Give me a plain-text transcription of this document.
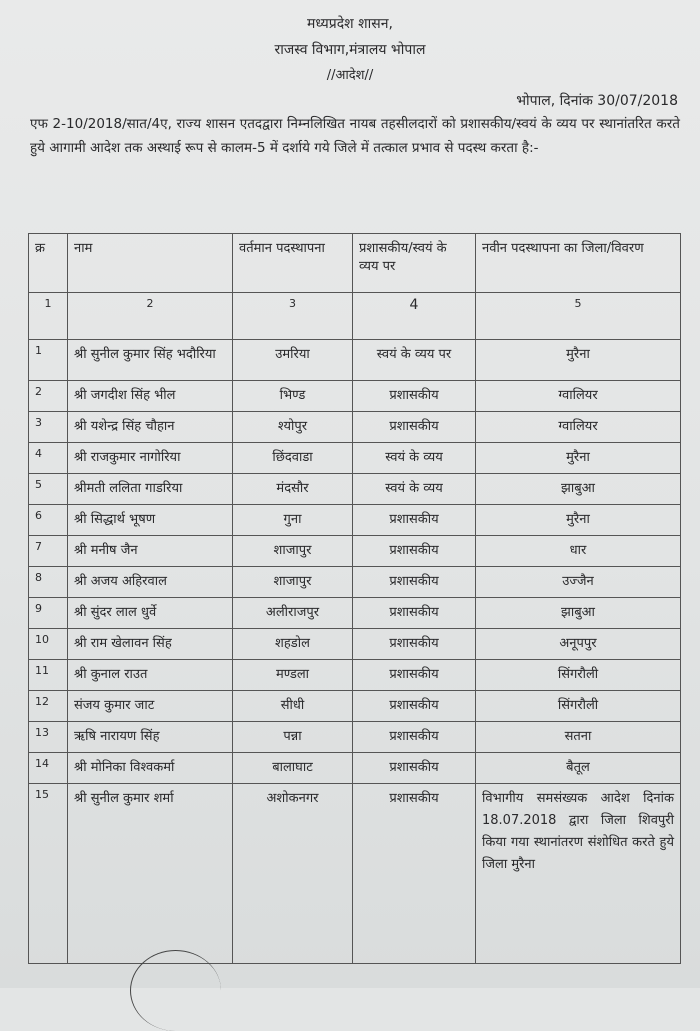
मध्यप्रदेश शासन,
राजस्व विभाग,मंत्रालय भोपाल
//आदेश//
भोपाल, दिनांक 30/07/2018
एफ 2-10/2018/सात/4ए, राज्य शासन एतदद्वारा निम्नलिखित नायब तहसीलदारों को प्रशासकीय/स्वयं के व्यय पर स्थानांतरित करते हुये आगामी आदेश तक अस्थाई रूप से कालम-5 में दर्शाये गये जिले में तत्काल प्रभाव से पदस्थ करता है:-
क्र	नाम	वर्तमान पदस्थापना	प्रशासकीय/स्वयं के व्यय पर	नवीन पदस्थापना का जिला/विवरण
1	2	3	4	5
1	श्री सुनील कुमार सिंह भदौरिया	उमरिया	स्वयं के व्यय पर	मुरैना
2	श्री जगदीश सिंह भील	भिण्ड	प्रशासकीय	ग्वालियर
3	श्री यशेन्द्र सिंह चौहान	श्योपुर	प्रशासकीय	ग्वालियर
4	श्री राजकुमार नागोरिया	छिंदवाडा	स्वयं के व्यय	मुरैना
5	श्रीमती ललिता गाडरिया	मंदसौर	स्वयं के व्यय	झाबुआ
6	श्री सिद्धार्थ भूषण	गुना	प्रशासकीय	मुरैना
7	श्री मनीष जैन	शाजापुर	प्रशासकीय	धार
8	श्री अजय अहिरवाल	शाजापुर	प्रशासकीय	उज्जैन
9	श्री सुंदर लाल धुर्वे	अलीराजपुर	प्रशासकीय	झाबुआ
10	श्री राम खेलावन सिंह	शहडोल	प्रशासकीय	अनूपपुर
11	श्री कुनाल राउत	मण्डला	प्रशासकीय	सिंगरौली
12	संजय कुमार जाट	सीधी	प्रशासकीय	सिंगरौली
13	ऋषि नारायण सिंह	पन्ना	प्रशासकीय	सतना
14	श्री मोनिका विश्वकर्मा	बालाघाट	प्रशासकीय	बैतूल
15	श्री सुनील कुमार शर्मा	अशोकनगर	प्रशासकीय	विभागीय समसंख्यक आदेश दिनांक 18.07.2018 द्वारा जिला शिवपुरी किया गया स्थानांतरण संशोधित करते हुये जिला मुरैना
